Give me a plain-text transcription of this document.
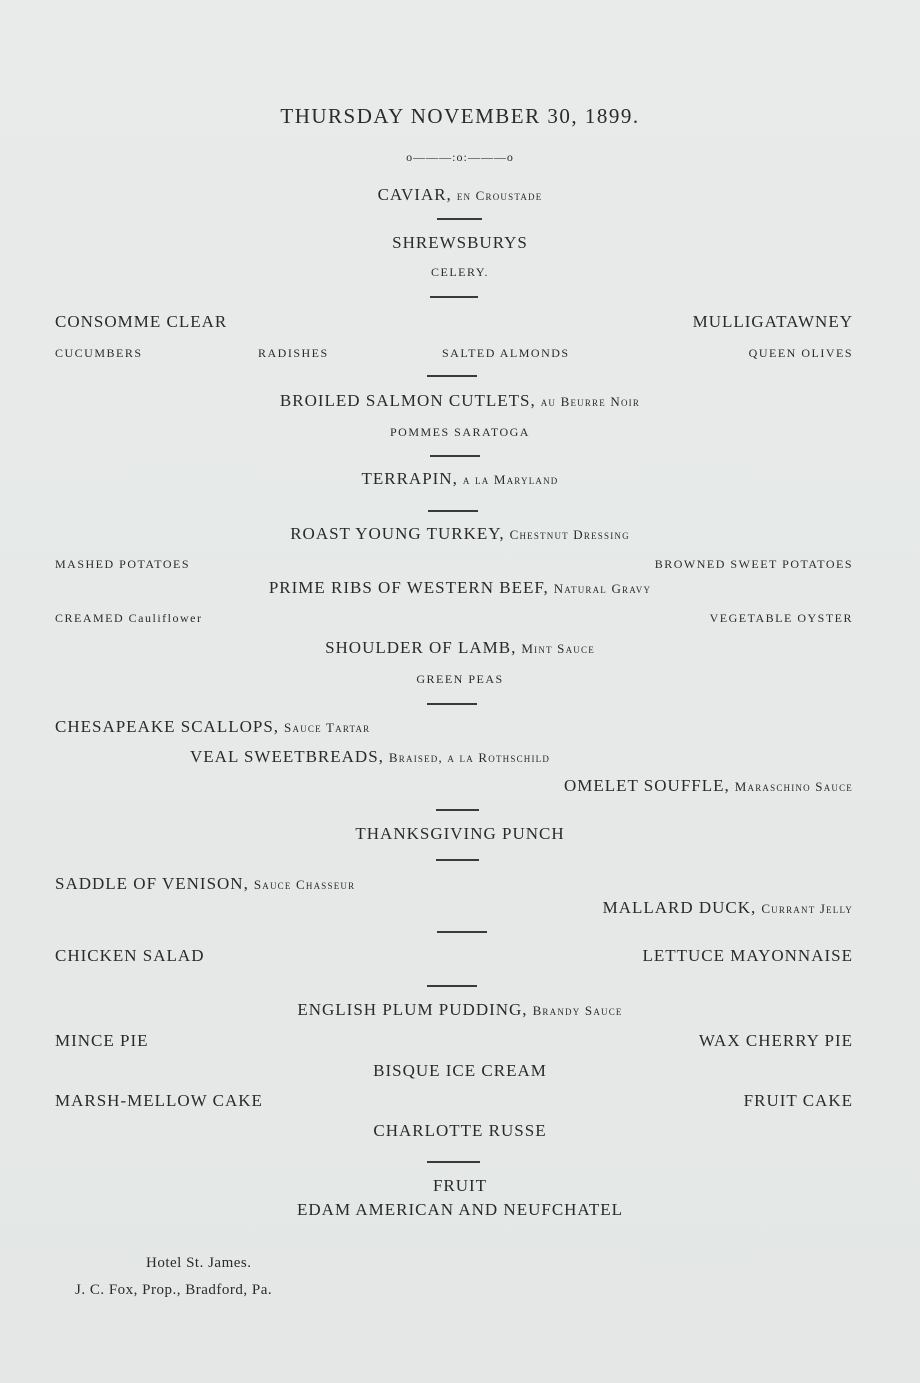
THURSDAY NOVEMBER 30, 1899.
o———:o:———o
CAVIAR, en Croustade
SHREWSBURYS
CELERY.
CONSOMME CLEAR	MULLIGATAWNEY
CUCUMBERS	RADISHES	SALTED ALMONDS	QUEEN OLIVES
BROILED SALMON CUTLETS, au Beurre Noir
POMMES SARATOGA
TERRAPIN, a la Maryland
ROAST YOUNG TURKEY, Chestnut Dressing
MASHED POTATOES	BROWNED SWEET POTATOES
PRIME RIBS OF WESTERN BEEF, Natural Gravy
CREAMED Cauliflower	VEGETABLE OYSTER
SHOULDER OF LAMB, Mint Sauce
GREEN PEAS
CHESAPEAKE SCALLOPS, Sauce Tartar
VEAL SWEETBREADS, Braised, a la Rothschild
OMELET SOUFFLE, Maraschino Sauce
THANKSGIVING PUNCH
SADDLE OF VENISON, Sauce Chasseur
MALLARD DUCK, Currant Jelly
CHICKEN SALAD	LETTUCE MAYONNAISE
ENGLISH PLUM PUDDING, Brandy Sauce
MINCE PIE	WAX CHERRY PIE
BISQUE ICE CREAM
MARSH-MELLOW CAKE	FRUIT CAKE
CHARLOTTE RUSSE
FRUIT
EDAM AMERICAN AND NEUFCHATEL
Hotel St. James.
J. C. Fox, Prop., Bradford, Pa.
